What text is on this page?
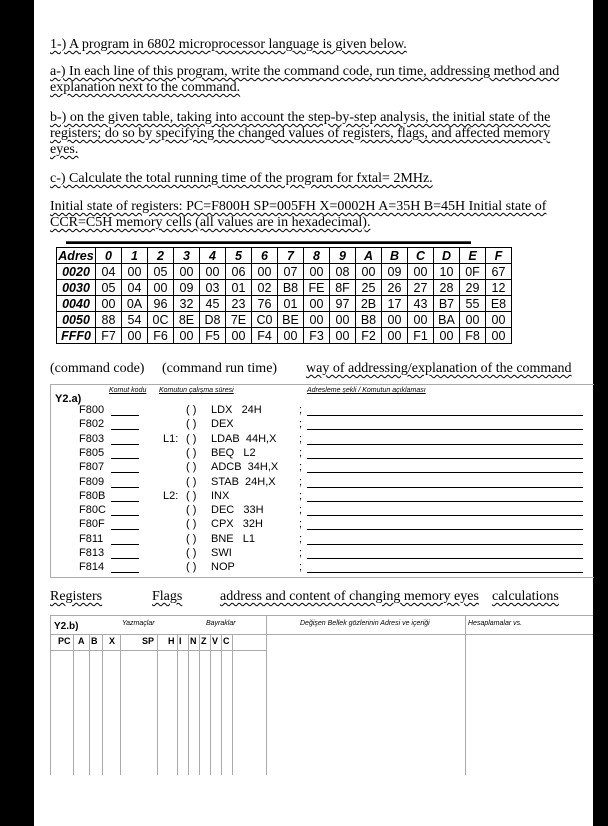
1-) A program in 6802 microprocessor language is given below.
a-) In each line of this program, write the command code, run time, addressing method and explanation next to the command.
b-) on the given table, taking into account the step-by-step analysis, the initial state of the registers; do so by specifying the changed values of registers, flags, and affected memory eyes.
c-) Calculate the total running time of the program for fxtal= 2MHz.
Initial state of registers: PC=F800H SP=005FH X=0002H A=35H B=45H Initial state of CCR=C5H memory cells (all values are in hexadecimal).
▬▬▬▬▬▬▬▬▬▬▬▬▬▬▬▬▬▬▬▬▬▬▬▬▬▬▬▬▬▬▬▬▬▬▬▬▬▬▬▬▬▬▬▬▬
Adres	0	1	2	3	4	5	6	7	8	9	A	B	C	D	E	F
0020	04	00	05	00	00	06	00	07	00	08	00	09	00	10	0F	67
0030	05	04	00	09	03	01	02	B8	FE	8F	25	26	27	28	29	12
0040	00	0A	96	32	45	23	76	01	00	97	2B	17	43	B7	55	E8
0050	88	54	0C	8E	D8	7E	C0	BE	00	00	B8	00	00	BA	00	00
FFF0	F7	00	F6	00	F5	00	F4	00	F3	00	F2	00	F1	00	F8	00
(command code) (command run time) way of addressing/explanation of the command
Y2.a)
Komut kodu Komutun çalışma süresi	Adresleme şekli / Komutun açıklaması
F800	( ) LDX   24H	;
F802	( ) DEX	;
F803	L1: ( ) LDAB  44H,X ;
F805	( ) BEQ   L2	;
F807	( ) ADCB  34H,X ;
F809	( ) STAB  24H,X ;
F80B	L2: ( ) INX	;
F80C	( ) DEC   33H	;
F80F	( ) CPX   32H	;
F811	( ) BNE   L1	;
F813	( ) SWI	;
F814	( ) NOP	;
Registers	Flags	address and content of changing memory eyes calculations
Y2.b)	Yazmaçlar	Bayraklar	Değişen Bellek gözlerinin Adresi ve içeriği	Hesaplamalar vs.
PC A B X	SP H I N Z V C
